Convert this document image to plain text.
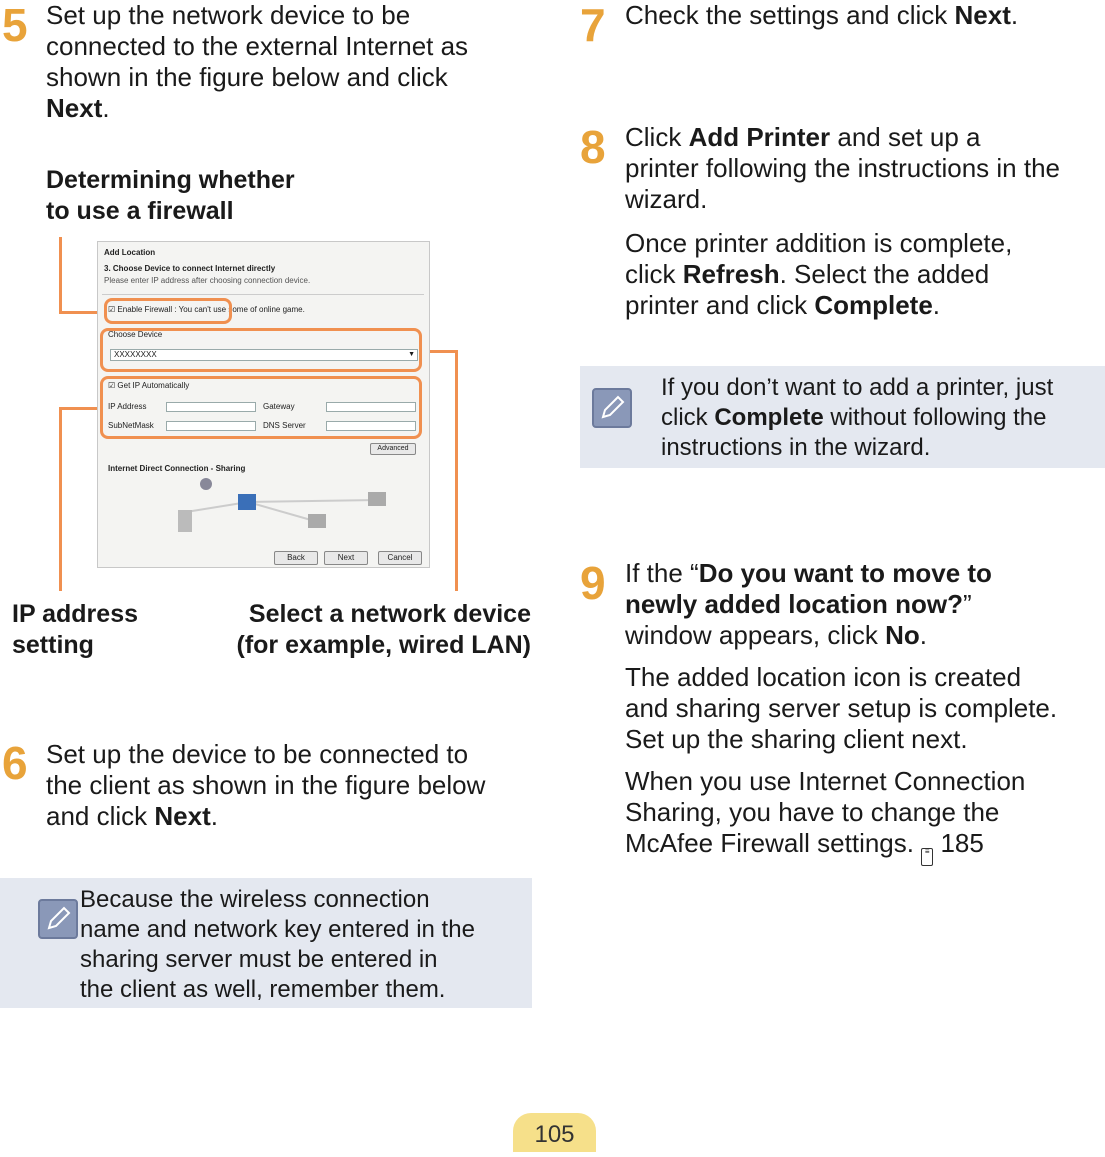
5 Set up the network device to be
connected to the external Internet as
shown in the figure below and click
Next.
Determining whether
to use a firewall
Add Location
3. Choose Device to connect Internet directly
Please enter IP address after choosing connection device.
☑ Enable Firewall : You can't use some of online game.
Choose Device
XXXXXXXX	▼
☑ Get IP Automatically
IP Address	Gateway
SubNetMask	DNS Server
Advanced
Internet Direct Connection - Sharing
Back	Next	Cancel
IP address
setting
Select a network device
(for example, wired LAN)
6 Set up the device to be connected to
the client as shown in the figure below
and click Next.
Because the wireless connection
name and network key entered in the
sharing server must be entered in
the client as well, remember them.
7 Check the settings and click Next.
8 Click Add Printer and set up a
printer following the instructions in the
wizard.
Once printer addition is complete,
click Refresh. Select the added
printer and click Complete.
If you don’t want to add a printer, just
click Complete without following the
instructions in the wizard.
9 If the “Do you want to move to
newly added location now?”
window appears, click No.
The added location icon is created
and sharing server setup is complete.
Set up the sharing client next.
When you use Internet Connection
Sharing, you have to change the
McAfee Firewall settings. ≡ 185
105
